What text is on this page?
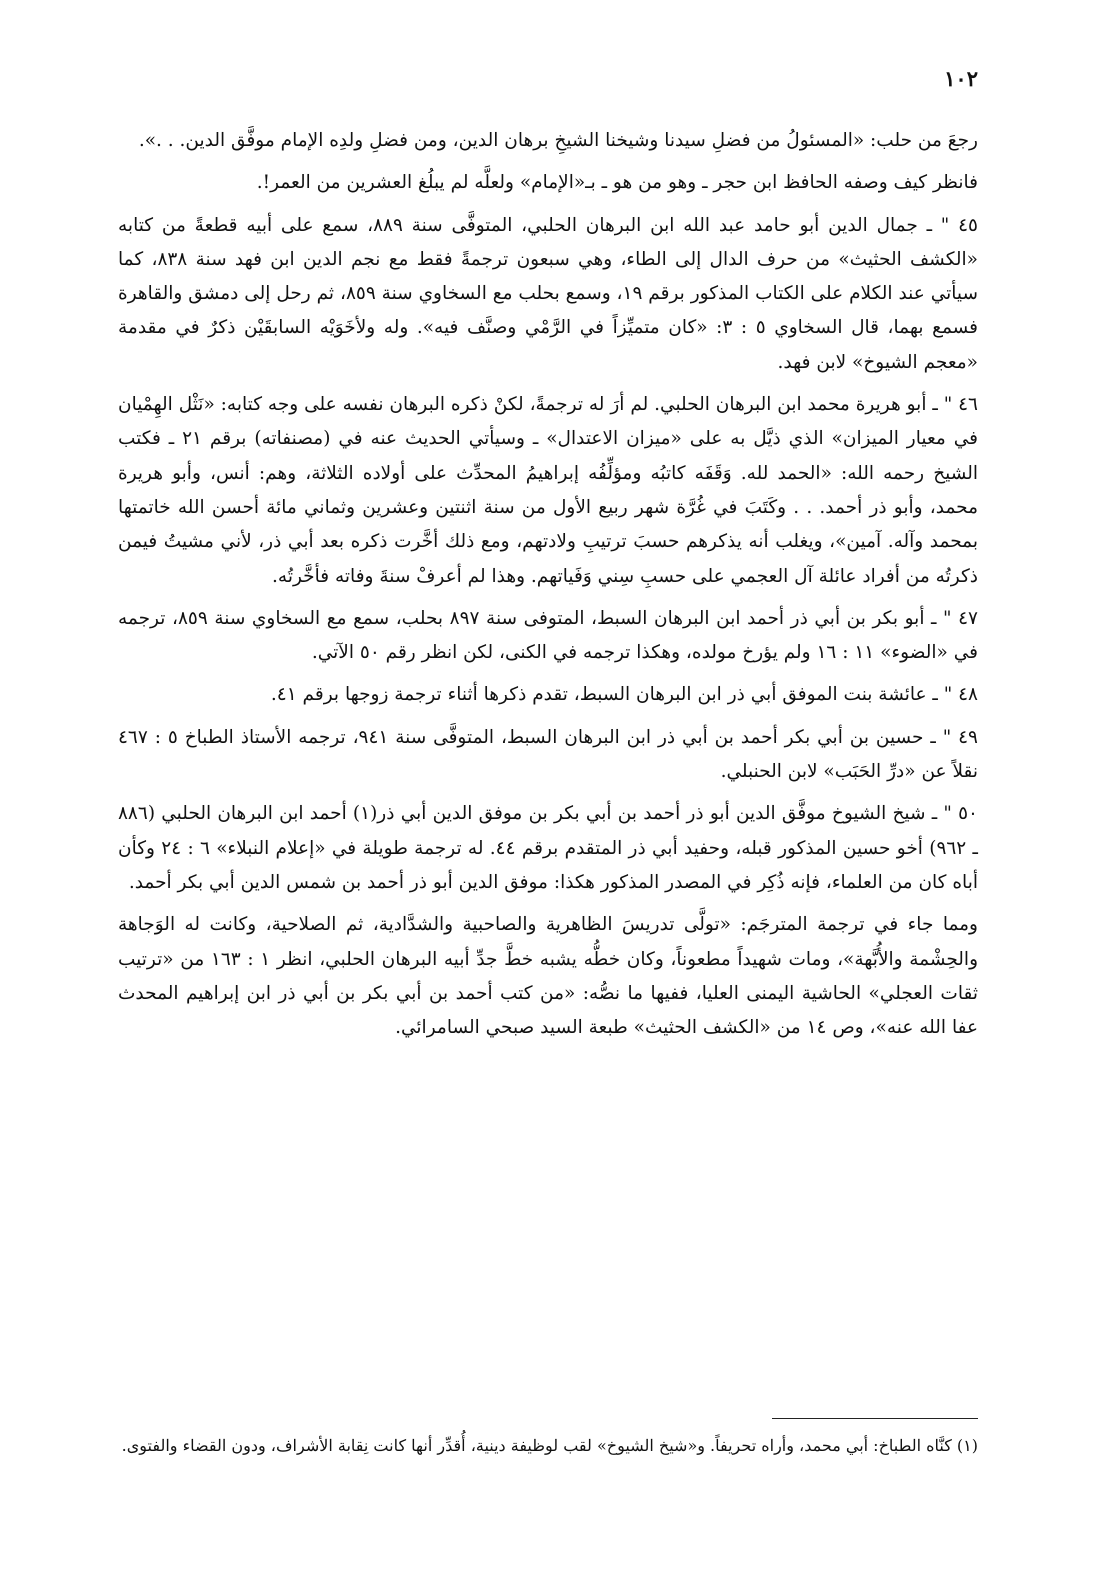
١٠٢

رجعَ من حلب: «المسئولُ من فضلِ سيدنا وشيخنا الشيخِ برهان الدين، ومن فضلِ ولدِه الإمام موفَّق الدين. . .».

فانظر كيف وصفه الحافظ ابن حجر ـ وهو من هو ـ بـ«الإمام» ولعلَّه لم يبلُغ العشرين من العمر!.

٤٥ " ـ جمال الدين أبو حامد عبد الله ابن البرهان الحلبي، المتوفَّى سنة ٨٨٩، سمع على أبيه قطعةً من كتابه «الكشف الحثيث» من حرف الدال إلى الطاء، وهي سبعون ترجمةً فقط مع نجم الدين ابن فهد سنة ٨٣٨، كما سيأتي عند الكلام على الكتاب المذكور برقم ١٩، وسمع بحلب مع السخاوي سنة ٨٥٩، ثم رحل إلى دمشق والقاهرة فسمع بهما، قال السخاوي ٥ : ٣: «كان متميِّزاً في الرَّمْي وصنَّف فيه». وله ولأخَوَيْه السابقَيْن ذكرٌ في مقدمة «معجم الشيوخ» لابن فهد.

٤٦ " ـ أبو هريرة محمد ابن البرهان الحلبي. لم أرَ له ترجمةً، لكنْ ذكره البرهان نفسه على وجه كتابه: «نَثْل الهِمْيان في معيار الميزان» الذي ذيَّل به على «ميزان الاعتدال» ـ وسيأتي الحديث عنه في (مصنفاته) برقم ٢١ ـ فكتب الشيخ رحمه الله: «الحمد لله. وَقَفَه كاتبُه ومؤلِّفُه إبراهيمُ المحدِّث على أولاده الثلاثة، وهم: أنس، وأبو هريرة محمد، وأبو ذر أحمد. . . وكَتَبَ في غُرَّة شهر ربيع الأول من سنة اثنتين وعشرين وثماني مائة أحسن الله خاتمتها بمحمد وآله. آمين»، ويغلب أنه يذكرهم حسبَ ترتيبِ ولادتهم، ومع ذلك أخَّرت ذكره بعد أبي ذر، لأني مشيتُ فيمن ذكرتُه من أفراد عائلة آل العجمي على حسبِ سِني وَفَياتهم. وهذا لم أعرفْ سنةَ وفاته فأخَّرتُه.

٤٧ " ـ أبو بكر بن أبي ذر أحمد ابن البرهان السبط، المتوفى سنة ٨٩٧ بحلب، سمع مع السخاوي سنة ٨٥٩، ترجمه في «الضوء» ١١ : ١٦ ولم يؤرخ مولده، وهكذا ترجمه في الكنى، لكن انظر رقم ٥٠ الآتي.

٤٨ " ـ عائشة بنت الموفق أبي ذر ابن البرهان السبط، تقدم ذكرها أثناء ترجمة زوجها برقم ٤١.

٤٩ " ـ حسين بن أبي بكر أحمد بن أبي ذر ابن البرهان السبط، المتوفَّى سنة ٩٤١، ترجمه الأستاذ الطباخ ٥ : ٤٦٧ نقلاً عن «درِّ الحَبَب» لابن الحنبلي.

٥٠ " ـ شيخ الشيوخ موفَّق الدين أبو ذر أحمد بن أبي بكر بن موفق الدين أبي ذر(١) أحمد ابن البرهان الحلبي (٨٨٦ ـ ٩٦٢) أخو حسين المذكور قبله، وحفيد أبي ذر المتقدم برقم ٤٤. له ترجمة طويلة في «إعلام النبلاء» ٦ : ٢٤ وكأن أباه كان من العلماء، فإنه ذُكِر في المصدر المذكور هكذا: موفق الدين أبو ذر أحمد بن شمس الدين أبي بكر أحمد.

ومما جاء في ترجمة المترجَم: «تولَّى تدريسَ الظاهرية والصاحبية والشدَّادية، ثم الصلاحية، وكانت له الوَجاهة والحِشْمة والأُبَّهة»، ومات شهيداً مطعوناً، وكان خطُّه يشبه خطَّ جدِّ أبيه البرهان الحلبي، انظر ١ : ١٦٣ من «ترتيب ثقات العجلي» الحاشية اليمنى العليا، ففيها ما نصُّه: «من كتب أحمد بن أبي بكر بن أبي ذر ابن إبراهيم المحدث عفا الله عنه»، وص ١٤ من «الكشف الحثيث» طبعة السيد صبحي السامرائي.

(١) كنَّاه الطباخ: أبي محمد، وأراه تحريفاً. و«شيخ الشيوخ» لقب لوظيفة دينية، أُقدِّر أنها كانت نِقابة الأشراف، ودون القضاء والفتوى.
